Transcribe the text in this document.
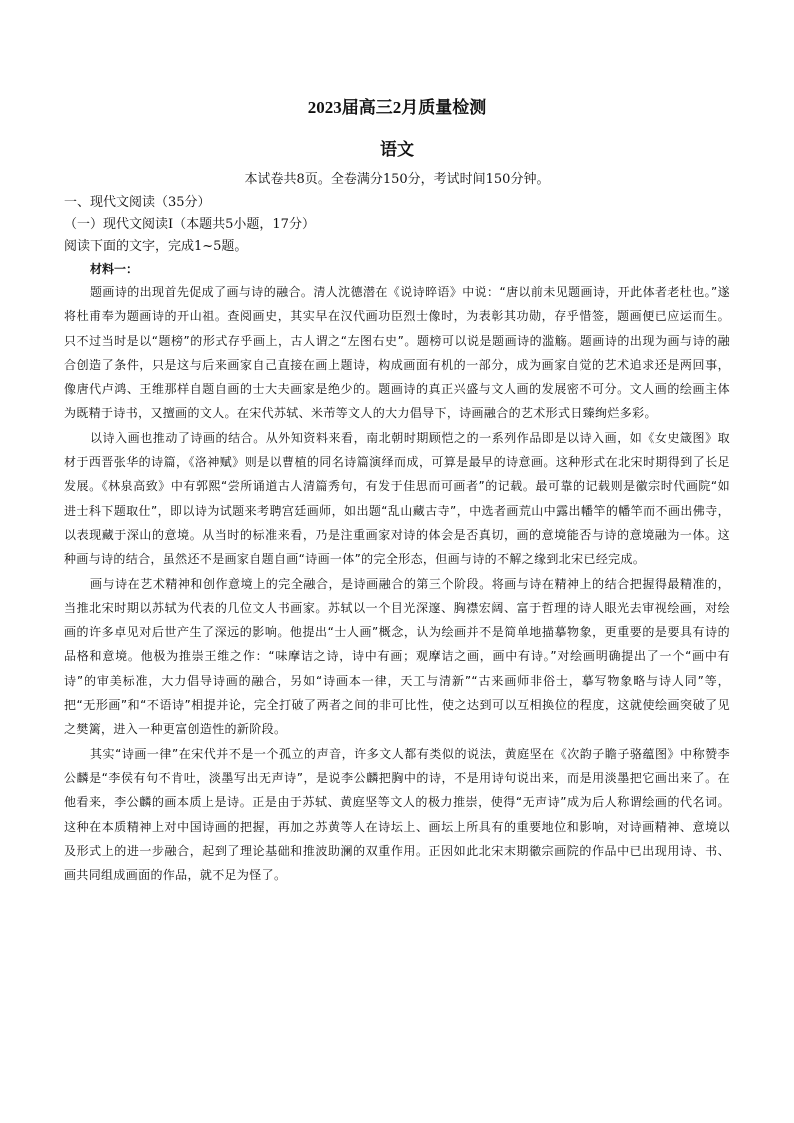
2023届高三2月质量检测
语文

本试卷共8页。全卷满分150分，考试时间150分钟。

一、现代文阅读（35分）

（一）现代文阅读Ⅰ（本题共5小题，17分）

阅读下面的文字，完成1~5题。

材料一：

题画诗的出现首先促成了画与诗的融合。清人沈德潜在《说诗晬语》中说：“唐以前未见题画诗，开此体者老杜也。”遂将杜甫奉为题画诗的开山祖。查阅画史，其实早在汉代画功臣烈士像时，为表彰其功勋，存乎惜签，题画便已应运而生。只不过当时是以“题榜”的形式存乎画上，古人谓之“左图右史”。题榜可以说是题画诗的滥觞。题画诗的出现为画与诗的融合创造了条件，只是这与后来画家自己直接在画上题诗，构成画面有机的一部分，成为画家自觉的艺术追求还是两回事，像唐代卢鸿、王维那样自题自画的士大夫画家是绝少的。题画诗的真正兴盛与文人画的发展密不可分。文人画的绘画主体为既精于诗书，又擅画的文人。在宋代苏轼、米芾等文人的大力倡导下，诗画融合的艺术形式日臻绚烂多彩。

以诗入画也推动了诗画的结合。从外知资料来看，南北朝时期顾恺之的一系列作品即是以诗入画，如《女史箴图》取材于西晋张华的诗篇，《洛神赋》则是以曹植的同名诗篇演绎而成，可算是最早的诗意画。这种形式在北宋时期得到了长足发展。《林泉高致》中有郭熙“尝所诵道古人清篇秀句，有发于佳思而可画者”的记载。最可靠的记载则是徽宗时代画院“如进士科下题取仕”，即以诗为试题来考聘宫廷画师，如出题“乱山藏古寺”，中选者画荒山中露出幡竿的幡竿而不画出佛寺，以表现藏于深山的意境。从当时的标准来看，乃是注重画家对诗的体会是否真切，画的意境能否与诗的意境融为一体。这种画与诗的结合，虽然还不是画家自题自画“诗画一体”的完全形态，但画与诗的不解之缘到北宋已经完成。

画与诗在艺术精神和创作意境上的完全融合，是诗画融合的第三个阶段。将画与诗在精神上的结合把握得最精准的，当推北宋时期以苏轼为代表的几位文人书画家。苏轼以一个目光深邃、胸襟宏阔、富于哲理的诗人眼光去审视绘画，对绘画的许多卓见对后世产生了深远的影响。他提出“士人画”概念，认为绘画并不是简单地描摹物象，更重要的是要具有诗的品格和意境。他极为推崇王维之作：“味摩诘之诗，诗中有画；观摩诘之画，画中有诗。”对绘画明确提出了一个“画中有诗”的审美标准，大力倡导诗画的融合，另如“诗画本一律，天工与清新”“古来画师非俗士，摹写物象略与诗人同”等，把“无形画”和“不语诗”相提并论，完全打破了两者之间的非可比性，使之达到可以互相换位的程度，这就使绘画突破了见之樊篱，进入一种更富创造性的新阶段。

其实“诗画一律”在宋代并不是一个孤立的声音，许多文人都有类似的说法，黄庭坚在《次韵子瞻子骆蕴图》中称赞李公麟是“李侯有句不肯吐，淡墨写出无声诗”，是说李公麟把胸中的诗，不是用诗句说出来，而是用淡墨把它画出来了。在他看来，李公麟的画本质上是诗。正是由于苏轼、黄庭坚等文人的极力推崇，使得“无声诗”成为后人称谓绘画的代名词。这种在本质精神上对中国诗画的把握，再加之苏黄等人在诗坛上、画坛上所具有的重要地位和影响，对诗画精神、意境以及形式上的进一步融合，起到了理论基础和推波助澜的双重作用。正因如此北宋末期徽宗画院的作品中已出现用诗、书、画共同组成画面的作品，就不足为怪了。
